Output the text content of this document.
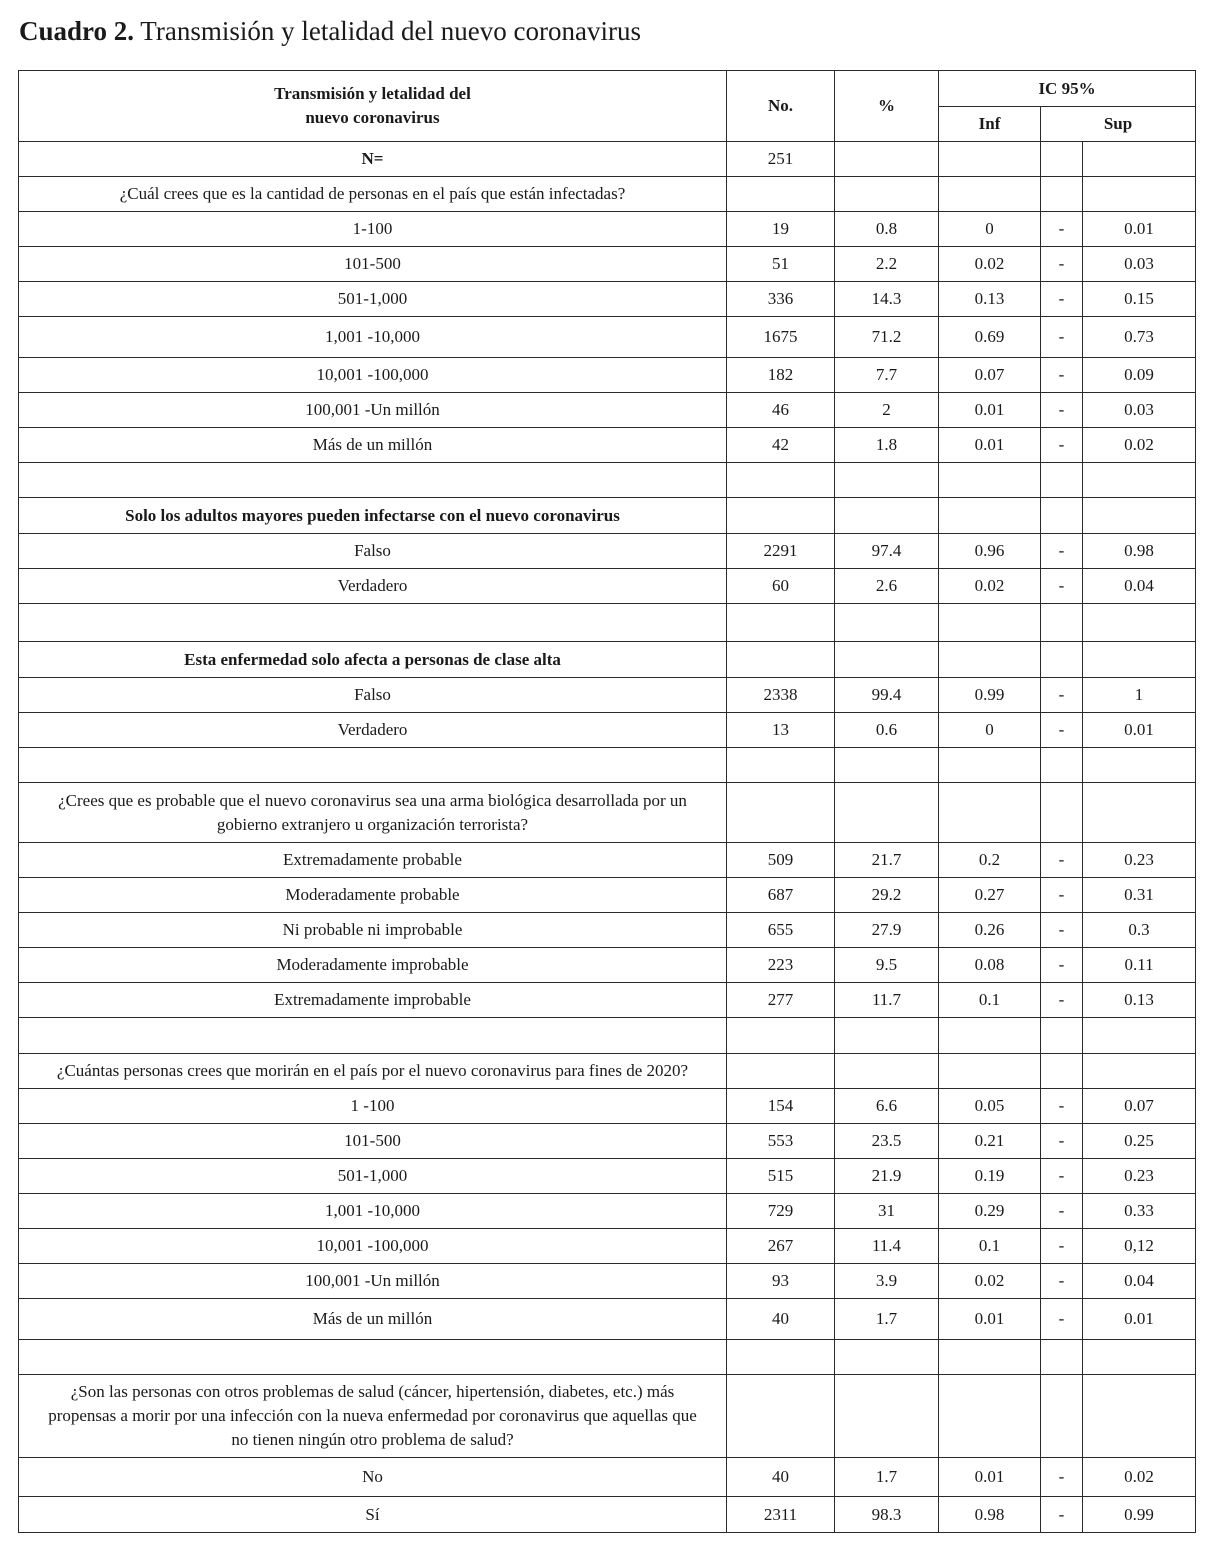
Cuadro 2. Transmisión y letalidad del nuevo coronavirus
Transmisión y letalidad del
nuevo coronavirus	No.	%	IC 95%		
			Inf	Sup	
N=	251				
¿Cuál crees que es la cantidad de personas en el país que están infectadas?					
1-100	19	0.8	0	-	0.01
101-500	51	2.2	0.02	-	0.03
501-1,000	336	14.3	0.13	-	0.15
1,001 -10,000	1675	71.2	0.69	-	0.73
10,001 -100,000	182	7.7	0.07	-	0.09
100,001 -Un millón	46	2	0.01	-	0.03
Más de un millón	42	1.8	0.01	-	0.02

Solo los adultos mayores pueden infectarse con el nuevo coronavirus					
Falso	2291	97.4	0.96	-	0.98
Verdadero	60	2.6	0.02	-	0.04

Esta enfermedad solo afecta a personas de clase alta					
Falso	2338	99.4	0.99	-	1
Verdadero	13	0.6	0	-	0.01

¿Crees que es probable que el nuevo coronavirus sea una arma biológica desarrollada por un
gobierno extranjero u organización terrorista?					
Extremadamente probable	509	21.7	0.2	-	0.23
Moderadamente probable	687	29.2	0.27	-	0.31
Ni probable ni improbable	655	27.9	0.26	-	0.3
Moderadamente improbable	223	9.5	0.08	-	0.11
Extremadamente improbable	277	11.7	0.1	-	0.13

¿Cuántas personas crees que morirán en el país por el nuevo coronavirus para fines de 2020?					
1 -100	154	6.6	0.05	-	0.07
101-500	553	23.5	0.21	-	0.25
501-1,000	515	21.9	0.19	-	0.23
1,001 -10,000	729	31	0.29	-	0.33
10,001 -100,000	267	11.4	0.1	-	0,12
100,001 -Un millón	93	3.9	0.02	-	0.04
Más de un millón	40	1.7	0.01	-	0.01

¿Son las personas con otros problemas de salud (cáncer, hipertensión, diabetes, etc.) más
propensas a morir por una infección con la nueva enfermedad por coronavirus que aquellas que
no tienen ningún otro problema de salud?					
No	40	1.7	0.01	-	0.02
Sí	2311	98.3	0.98	-	0.99
